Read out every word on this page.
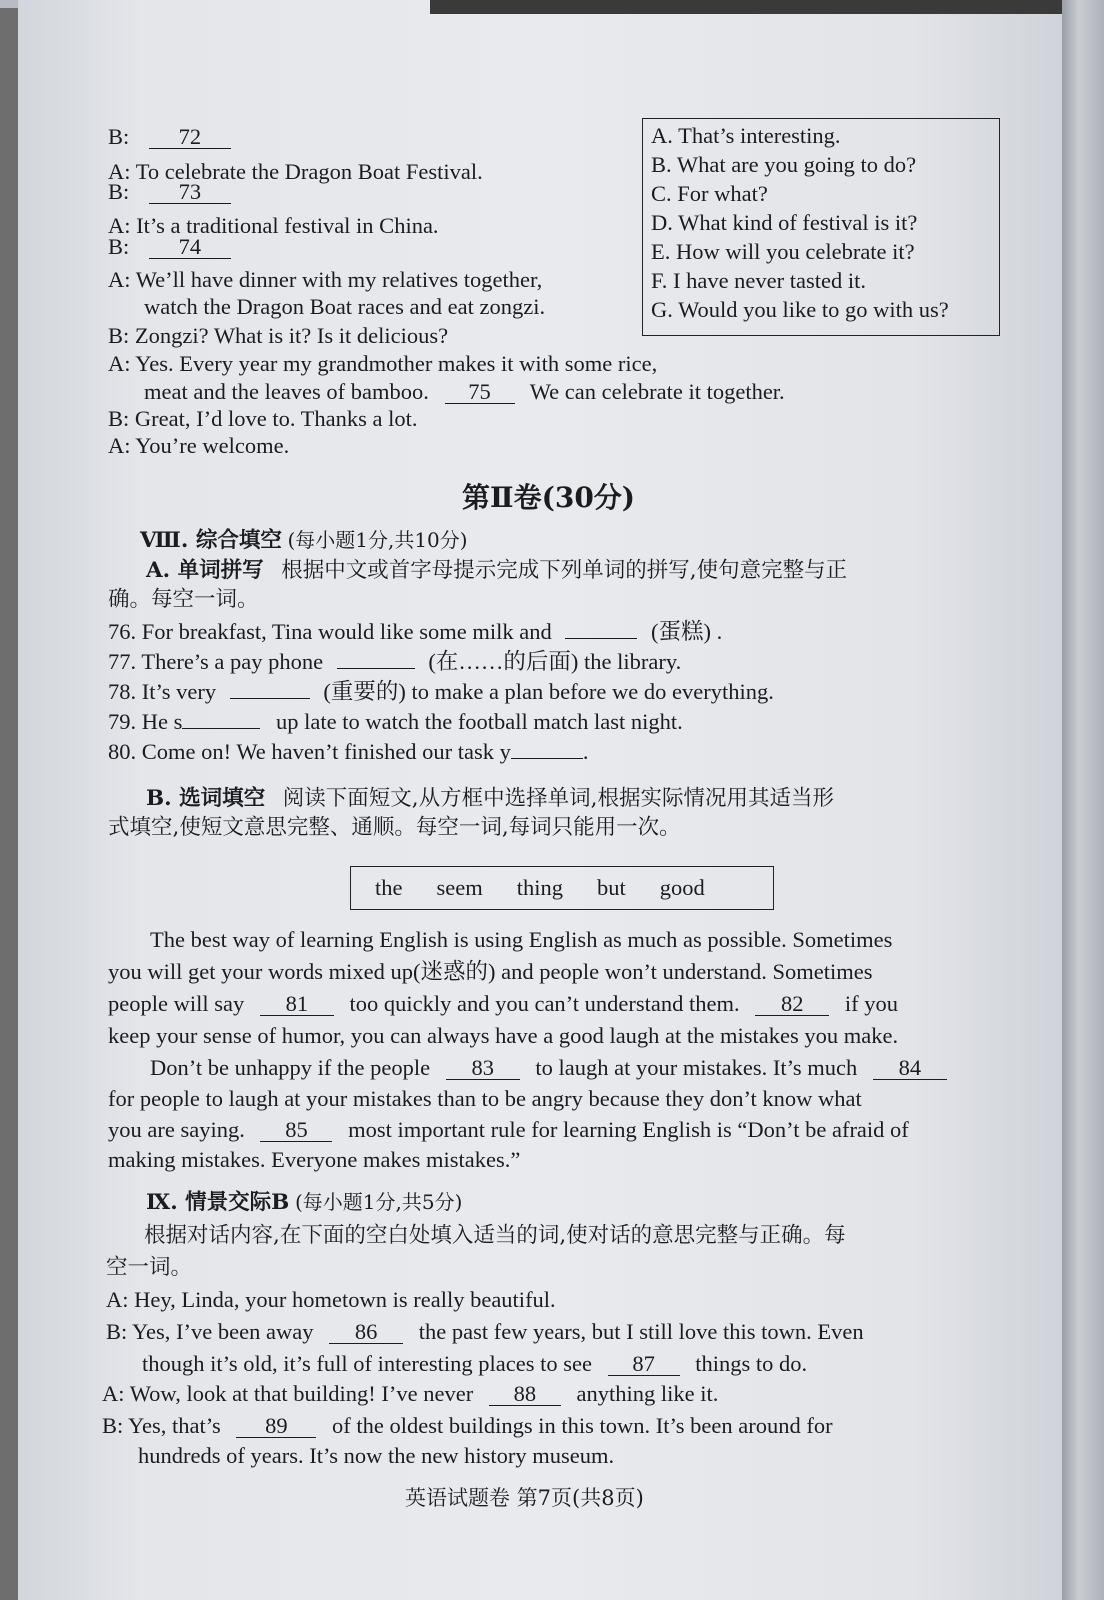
B: 72
A: To celebrate the Dragon Boat Festival.
B: 73
A: It’s a traditional festival in China.
B: 74
A: We’ll have dinner with my relatives together,
watch the Dragon Boat races and eat zongzi.
B: Zongzi? What is it? Is it delicious?
A: Yes. Every year my grandmother makes it with some rice,
meat and the leaves of bamboo. 75 We can celebrate it together.
B: Great, I’d love to. Thanks a lot.
A: You’re welcome.
A. That’s interesting.
B. What are you going to do?
C. For what?
D. What kind of festival is it?
E. How will you celebrate it?
F. I have never tasted it.
G. Would you like to go with us?
第Ⅱ卷(30分)
Ⅷ. 综合填空 (每小题1分,共10分)
A. 单词拼写 根据中文或首字母提示完成下列单词的拼写,使句意完整与正
确。每空一词。
76. For breakfast, Tina would like some milk and	(蛋糕) .
77. There’s a pay phone	(在……的后面) the library.
78. It’s very	(重要的) to make a plan before we do everything.
79. He s	up late to watch the football match last night.
80. Come on! We haven’t finished our task y	.
B. 选词填空 阅读下面短文,从方框中选择单词,根据实际情况用其适当形
式填空,使短文意思完整、通顺。每空一词,每词只能用一次。
the seem thing but good
The best way of learning English is using English as much as possible. Sometimes
you will get your words mixed up(迷惑的) and people won’t understand. Sometimes
people will say 81 too quickly and you can’t understand them. 82 if you
keep your sense of humor, you can always have a good laugh at the mistakes you make.
Don’t be unhappy if the people 83 to laugh at your mistakes. It’s much 84
for people to laugh at your mistakes than to be angry because they don’t know what
you are saying. 85 most important rule for learning English is “Don’t be afraid of
making mistakes. Everyone makes mistakes.”
Ⅸ. 情景交际B (每小题1分,共5分)
根据对话内容,在下面的空白处填入适当的词,使对话的意思完整与正确。每
空一词。
A: Hey, Linda, your hometown is really beautiful.
B: Yes, I’ve been away 86 the past few years, but I still love this town. Even
though it’s old, it’s full of interesting places to see 87 things to do.
A: Wow, look at that building! I’ve never 88 anything like it.
B: Yes, that’s 89 of the oldest buildings in this town. It’s been around for
hundreds of years. It’s now the new history museum.
英语试题卷 第7页(共8页)
